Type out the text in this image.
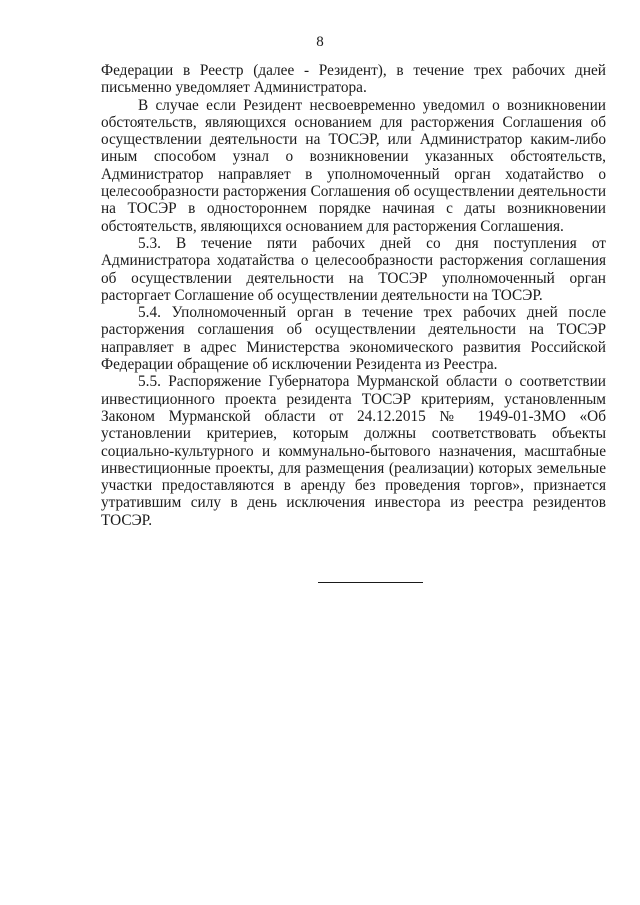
8

Федерации в Реестр (далее - Резидент), в течение трех рабочих дней письменно уведомляет Администратора.

В случае если Резидент несвоевременно уведомил о возникновении обстоятельств, являющихся основанием для расторжения Соглашения об осуществлении деятельности на ТОСЭР, или Администратор каким-либо иным способом узнал о возникновении указанных обстоятельств, Администратор направляет в уполномоченный орган ходатайство о целесообразности расторжения Соглашения об осуществлении деятельности на ТОСЭР в одностороннем порядке начиная с даты возникновении обстоятельств, являющихся основанием для расторжения Соглашения.

5.3. В течение пяти рабочих дней со дня поступления от Администратора ходатайства о целесообразности расторжения соглашения об осуществлении деятельности на ТОСЭР уполномоченный орган расторгает Соглашение об осуществлении деятельности на ТОСЭР.

5.4. Уполномоченный орган в течение трех рабочих дней после расторжения соглашения об осуществлении деятельности на ТОСЭР направляет в адрес Министерства экономического развития Российской Федерации обращение об исключении Резидента из Реестра.

5.5. Распоряжение Губернатора Мурманской области о соответствии инвестиционного проекта резидента ТОСЭР критериям, установленным Законом Мурманской области от 24.12.2015 № 1949-01-ЗМО «Об установлении критериев, которым должны соответствовать объекты социально-культурного и коммунально-бытового назначения, масштабные инвестиционные проекты, для размещения (реализации) которых земельные участки предоставляются в аренду без проведения торгов», признается утратившим силу в день исключения инвестора из реестра резидентов ТОСЭР.
